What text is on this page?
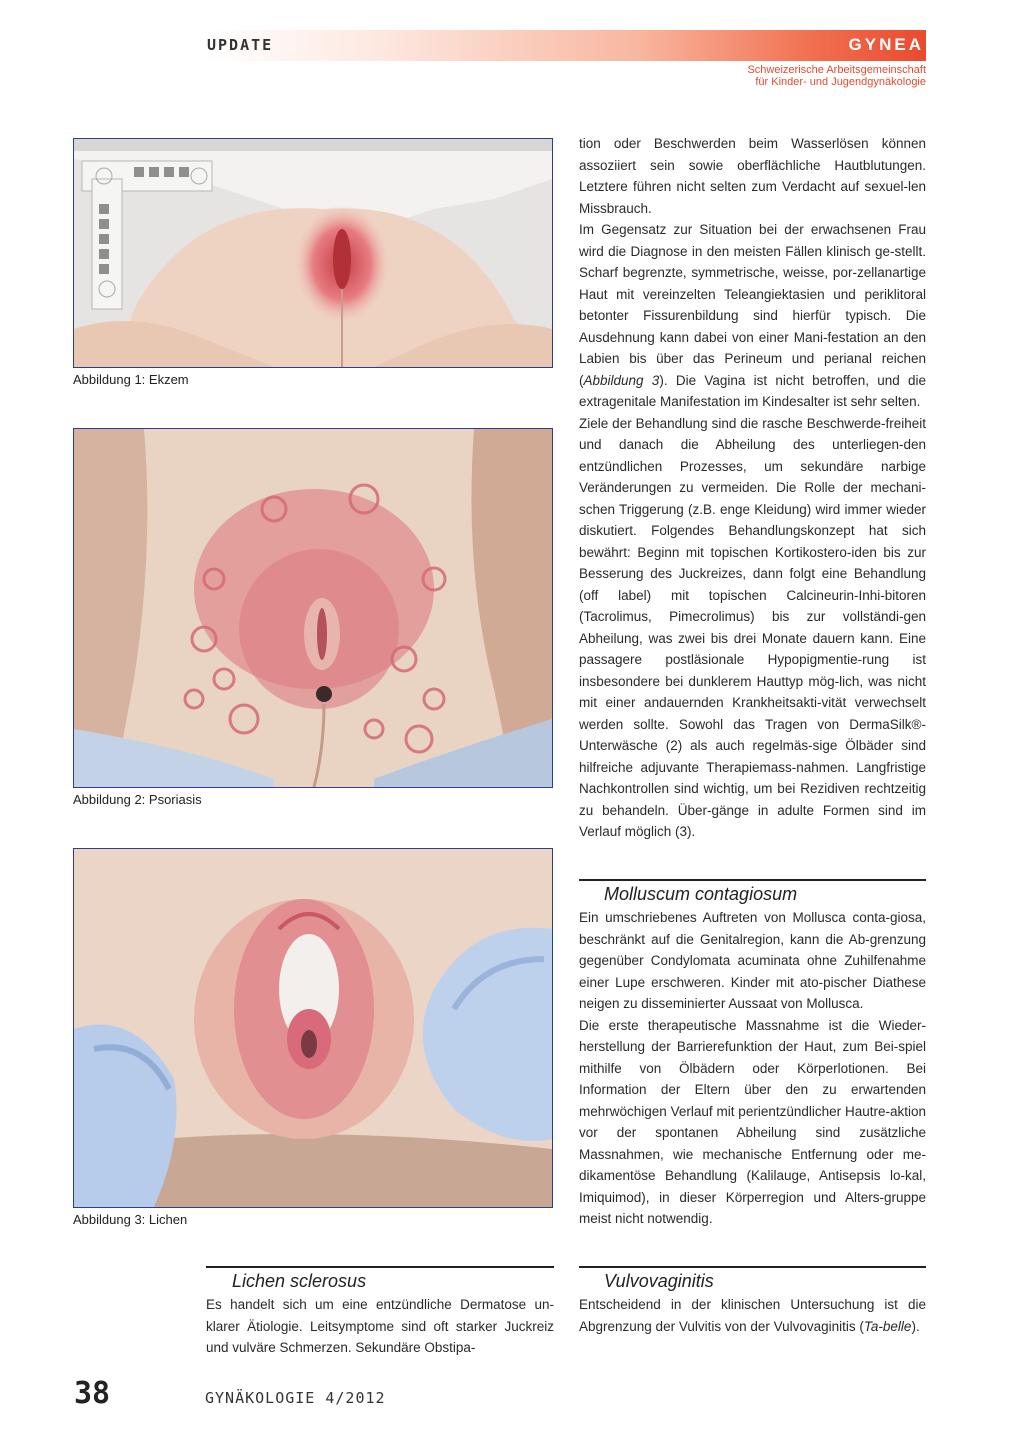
UPDATE	GYNEA
Schweizerische Arbeitsgemeinschaft
für Kinder- und Jugendgynäkologie
Abbildung 1: Ekzem
Abbildung 2: Psoriasis
Abbildung 3: Lichen
Lichen sclerosus

Es handelt sich um eine entzündliche Dermatose un-klarer Ätiologie. Leitsymptome sind oft starker Juckreiz und vulväre Schmerzen. Sekundäre Obstipa-

tion oder Beschwerden beim Wasserlösen können assoziiert sein sowie oberflächliche Hautblutungen. Letztere führen nicht selten zum Verdacht auf sexuel-len Missbrauch.

Im Gegensatz zur Situation bei der erwachsenen Frau wird die Diagnose in den meisten Fällen klinisch ge-stellt. Scharf begrenzte, symmetrische, weisse, por-zellanartige Haut mit vereinzelten Teleangiektasien und periklitoral betonter Fissurenbildung sind hierfür typisch. Die Ausdehnung kann dabei von einer Mani-festation an den Labien bis über das Perineum und perianal reichen (Abbildung 3). Die Vagina ist nicht betroffen, und die extragenitale Manifestation im Kindesalter ist sehr selten.

Ziele der Behandlung sind die rasche Beschwerde-freiheit und danach die Abheilung des unterliegen-den entzündlichen Prozesses, um sekundäre narbige Veränderungen zu vermeiden. Die Rolle der mechani-schen Triggerung (z.B. enge Kleidung) wird immer wieder diskutiert. Folgendes Behandlungskonzept hat sich bewährt: Beginn mit topischen Kortikostero-iden bis zur Besserung des Juckreizes, dann folgt eine Behandlung (off label) mit topischen Calcineurin-Inhi-bitoren (Tacrolimus, Pimecrolimus) bis zur vollständi-gen Abheilung, was zwei bis drei Monate dauern kann. Eine passagere postläsionale Hypopigmentie-rung ist insbesondere bei dunklerem Hauttyp mög-lich, was nicht mit einer andauernden Krankheitsakti-vität verwechselt werden sollte. Sowohl das Tragen von DermaSilk®-Unterwäsche (2) als auch regelmäs-sige Ölbäder sind hilfreiche adjuvante Therapiemass-nahmen. Langfristige Nachkontrollen sind wichtig, um bei Rezidiven rechtzeitig zu behandeln. Über-gänge in adulte Formen sind im Verlauf möglich (3).

Molluscum contagiosum

Ein umschriebenes Auftreten von Mollusca conta-giosa, beschränkt auf die Genitalregion, kann die Ab-grenzung gegenüber Condylomata acuminata ohne Zuhilfenahme einer Lupe erschweren. Kinder mit ato-pischer Diathese neigen zu disseminierter Aussaat von Mollusca.

Die erste therapeutische Massnahme ist die Wieder-herstellung der Barrierefunktion der Haut, zum Bei-spiel mithilfe von Ölbädern oder Körperlotionen. Bei Information der Eltern über den zu erwartenden mehrwöchigen Verlauf mit perientzündlicher Hautre-aktion vor der spontanen Abheilung sind zusätzliche Massnahmen, wie mechanische Entfernung oder me-dikamentöse Behandlung (Kalilauge, Antisepsis lo-kal, Imiquimod), in dieser Körperregion und Alters-gruppe meist nicht notwendig.

Vulvovaginitis

Entscheidend in der klinischen Untersuchung ist die Abgrenzung der Vulvitis von der Vulvovaginitis (Ta-belle).

38	GYNÄKOLOGIE 4/2012
